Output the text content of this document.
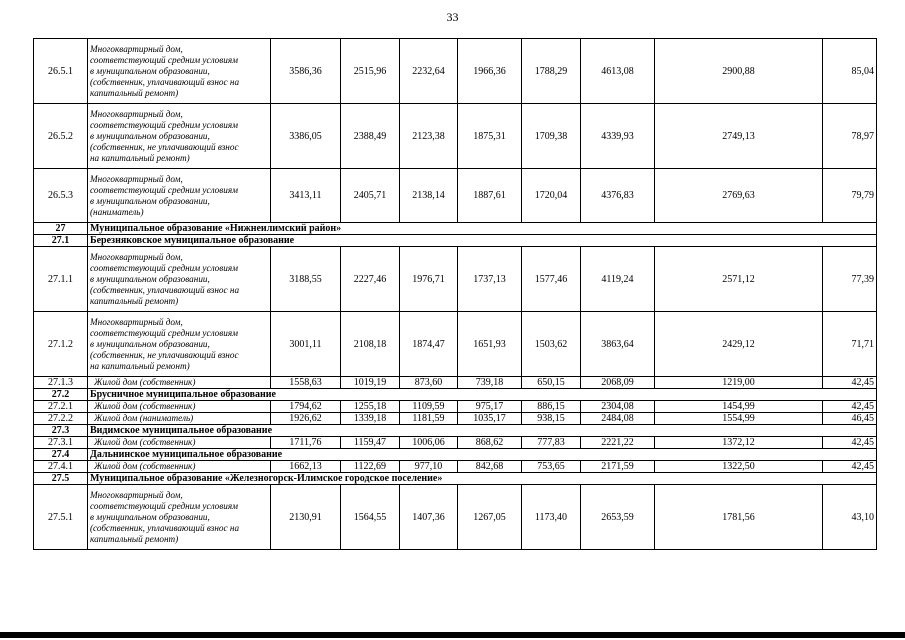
33
26.5.1	Многоквартирный дом,
соответствующий средним условиям
в муниципальном образовании,
(собственник, уплачивающий взнос на
капитальный ремонт)	3586,36	2515,96	2232,64	1966,36	1788,29	4613,08	2900,88	85,04
26.5.2	Многоквартирный дом,
соответствующий средним условиям
в муниципальном образовании,
(собственник, не уплачивающий взнос
на капитальный ремонт)	3386,05	2388,49	2123,38	1875,31	1709,38	4339,93	2749,13	78,97
26.5.3	Многоквартирный дом,
соответствующий средним условиям
в муниципальном образовании,
(наниматель)	3413,11	2405,71	2138,14	1887,61	1720,04	4376,83	2769,63	79,79
27	Муниципальное образование «Нижнеилимский район»								
27.1	Березняковское муниципальное образование								
27.1.1	Многоквартирный дом,
соответствующий средним условиям
в муниципальном образовании,
(собственник, уплачивающий взнос на
капитальный ремонт)	3188,55	2227,46	1976,71	1737,13	1577,46	4119,24	2571,12	77,39
27.1.2	Многоквартирный дом,
соответствующий средним условиям
в муниципальном образовании,
(собственник, не уплачивающий взнос
на капитальный ремонт)	3001,11	2108,18	1874,47	1651,93	1503,62	3863,64	2429,12	71,71
27.1.3	Жилой дом (собственник)	1558,63	1019,19	873,60	739,18	650,15	2068,09	1219,00	42,45
27.2	Брусничное муниципальное образование								
27.2.1	Жилой дом (собственник)	1794,62	1255,18	1109,59	975,17	886,15	2304,08	1454,99	42,45
27.2.2	Жилой дом (наниматель)	1926,62	1339,18	1181,59	1035,17	938,15	2484,08	1554,99	46,45
27.3	Видимское муниципальное образование								
27.3.1	Жилой дом (собственник)	1711,76	1159,47	1006,06	868,62	777,83	2221,22	1372,12	42,45
27.4	Дальнинское муниципальное образование								
27.4.1	Жилой дом (собственник)	1662,13	1122,69	977,10	842,68	753,65	2171,59	1322,50	42,45
27.5	Муниципальное образование «Железногорск-Илимское городское поселение»								
27.5.1	Многоквартирный дом,
соответствующий средним условиям
в муниципальном образовании,
(собственник, уплачивающий взнос на
капитальный ремонт)	2130,91	1564,55	1407,36	1267,05	1173,40	2653,59	1781,56	43,10
